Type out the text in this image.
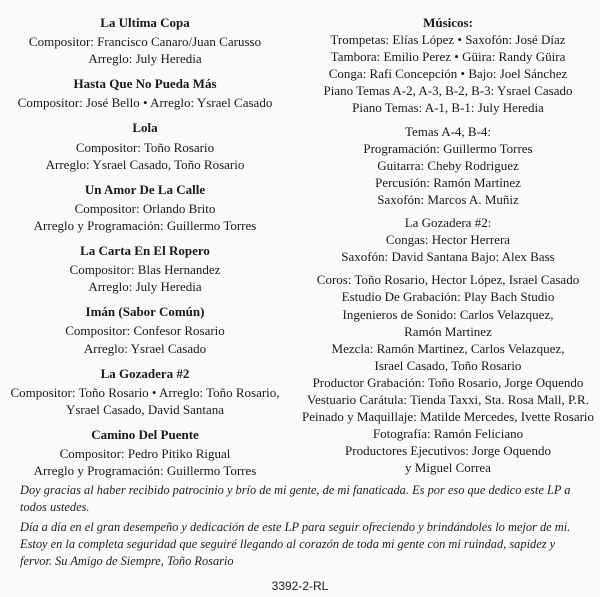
La Ultima Copa
Compositor: Francisco Canaro/Juan Carusso
Arreglo: July Heredia
Hasta Que No Pueda Más
Compositor: José Bello • Arreglo: Ysrael Casado
Lola
Compositor: Toño Rosario
Arreglo: Ysrael Casado, Toño Rosario
Un Amor De La Calle
Compositor: Orlando Brito
Arreglo y Programación: Guillermo Torres
La Carta En El Ropero
Compositor: Blas Hernandez
Arreglo: July Heredia
Imán (Sabor Común)
Compositor: Confesor Rosario
Arreglo: Ysrael Casado
La Gozadera #2
Compositor: Toño Rosario • Arreglo: Toño Rosario,
Ysrael Casado, David Santana
Camino Del Puente
Compositor: Pedro Pitiko Rigual
Arreglo y Programación: Guillermo Torres
Músicos:
Trompetas: Elías López • Saxofón: José Díaz
Tambora: Emilio Perez • Güira: Randy Güira
Conga: Rafi Concepción • Bajo: Joel Sánchez
Piano Temas A-2, A-3, B-2, B-3: Ysrael Casado
Piano Temas: A-1, B-1: July Heredia
Temas A-4, B-4:
Programación: Guillermo Torres
Guitarra: Cheby Rodriguez
Percusión: Ramón Martínez
Saxofón: Marcos A. Muñiz
La Gozadera #2:
Congas: Hector Herrera
Saxofón: David Santana Bajo: Alex Bass
Coros: Toño Rosario, Hector López, Israel Casado
Estudio De Grabación: Play Bach Studio
Ingenieros de Sonido: Carlos Velazquez,
Ramón Martinez
Mezcla: Ramón Martinez, Carlos Velazquez,
Israel Casado, Toño Rosario
Productor Grabación: Toño Rosario, Jorge Oquendo
Vestuario Carátula: Tienda Taxxi, Sta. Rosa Mall, P.R.
Peinado y Maquillaje: Matilde Mercedes, Ivette Rosario
Fotografía: Ramón Feliciano
Productores Ejecutivos: Jorge Oquendo
y Miguel Correa

Doy gracias al haber recibido patrocinio y brío de mi gente, de mi fanaticada. Es por eso que dedico este LP a todos ustedes.

Día a día en el gran desempeño y dedicación de este LP para seguir ofreciendo y brindándoles lo mejor de mi. Estoy en la completa seguridad que seguiré llegando al corazón de toda mi gente con mi ruindad, sapidez y fervor. Su Amigo de Siempre, Toño Rosario

3392-2-RL
